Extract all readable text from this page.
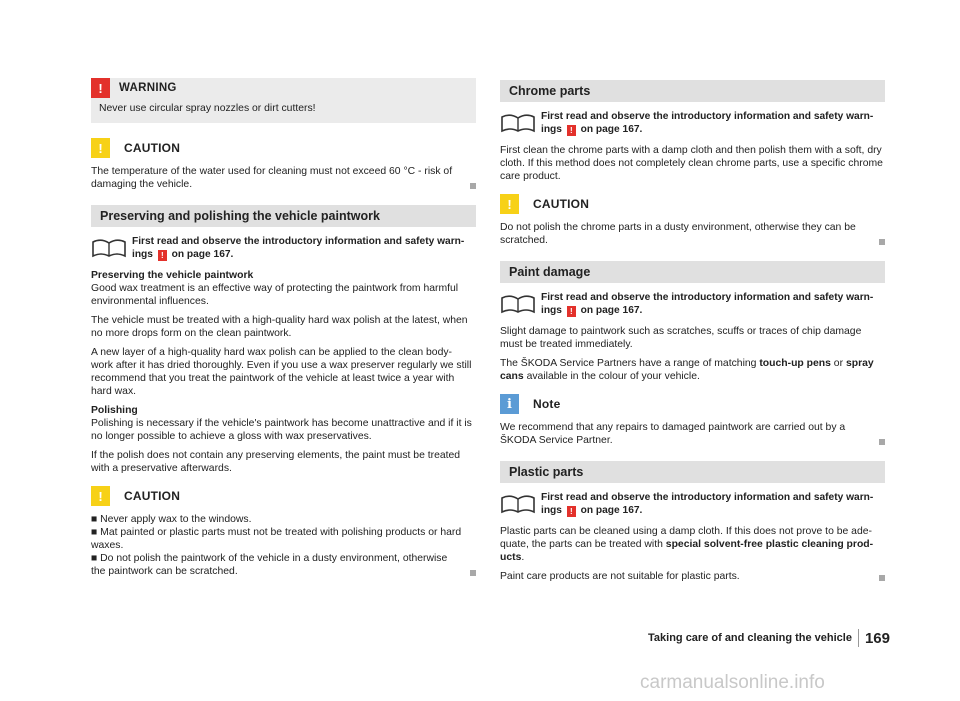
!	WARNING
Never use circular spray nozzles or dirt cutters!
!	CAUTION

The temperature of the water used for cleaning must not exceed 60 °C - risk of damaging the vehicle.

Preserving and polishing the vehicle paintwork
First read and observe the introductory information and safety warn- ings ! on page 167.

Preserving the vehicle paintwork

Good wax treatment is an effective way of protecting the paintwork from harmful environmental influences.

The vehicle must be treated with a high-quality hard wax polish at the latest, when no more drops form on the clean paintwork.

A new layer of a high-quality hard wax polish can be applied to the clean body- work after it has dried thoroughly. Even if you use a wax preserver regularly we still recommend that you treat the paintwork of the vehicle at least twice a year with hard wax.

Polishing

Polishing is necessary if the vehicle's paintwork has become unattractive and if it is no longer possible to achieve a gloss with wax preservatives.

If the polish does not contain any preserving elements, the paint must be treated with a preservative afterwards.

!	CAUTION

■ Never apply wax to the windows.

■ Mat painted or plastic parts must not be treated with polishing products or hard waxes.

■ Do not polish the paintwork of the vehicle in a dusty environment, otherwise the paintwork can be scratched.

Chrome parts
First read and observe the introductory information and safety warn- ings ! on page 167.

First clean the chrome parts with a damp cloth and then polish them with a soft, dry cloth. If this method does not completely clean chrome parts, use a specific chrome care product.

!	CAUTION

Do not polish the chrome parts in a dusty environment, otherwise they can be scratched.

Paint damage
First read and observe the introductory information and safety warn- ings ! on page 167.

Slight damage to paintwork such as scratches, scuffs or traces of chip damage must be treated immediately.

The ŠKODA Service Partners have a range of matching touch-up pens or spray cans available in the colour of your vehicle.

i	Note

We recommend that any repairs to damaged paintwork are carried out by a ŠKODA Service Partner.

Plastic parts
First read and observe the introductory information and safety warn- ings ! on page 167.

Plastic parts can be cleaned using a damp cloth. If this does not prove to be ade- quate, the parts can be treated with special solvent-free plastic cleaning prod- ucts.

Paint care products are not suitable for plastic parts.

Taking care of and cleaning the vehicle 169
carmanualsonline.info
